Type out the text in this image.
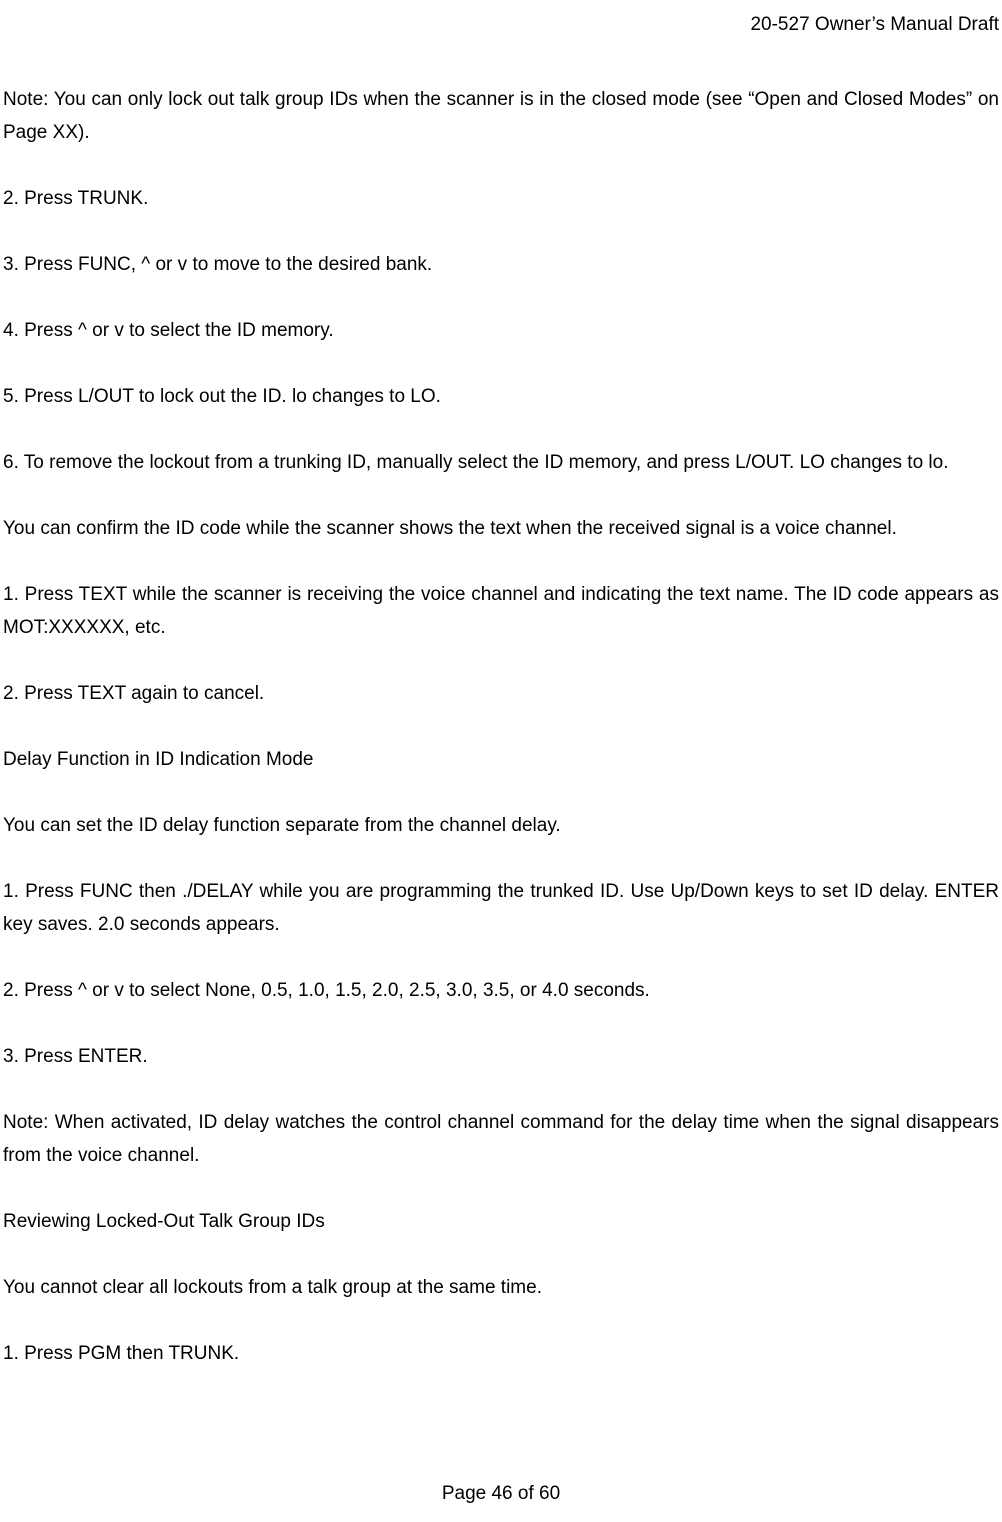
20-527 Owner’s Manual Draft

Note: You can only lock out talk group IDs when the scanner is in the closed mode (see “Open and Closed Modes” on Page XX).

2. Press TRUNK.

3. Press FUNC, ^ or v to move to the desired bank.

4. Press ^ or v to select the ID memory.

5. Press L/OUT to lock out the ID. lo changes to LO.

6. To remove the lockout from a trunking ID, manually select the ID memory, and press L/OUT. LO changes to lo.

You can confirm the ID code while the scanner shows the text when the received signal is a voice channel.

1. Press TEXT while the scanner is receiving the voice channel and indicating the text name. The ID code appears as MOT:XXXXXX, etc.

2. Press TEXT again to cancel.

Delay Function in ID Indication Mode

You can set the ID delay function separate from the channel delay.

1. Press FUNC then ./DELAY while you are programming the trunked ID. Use Up/Down keys to set ID delay. ENTER key saves. 2.0 seconds appears.

2. Press ^ or v to select None, 0.5, 1.0, 1.5, 2.0, 2.5, 3.0, 3.5, or 4.0 seconds.

3. Press ENTER.

Note: When activated, ID delay watches the control channel command for the delay time when the signal disappears from the voice channel.

Reviewing Locked-Out Talk Group IDs

You cannot clear all lockouts from a talk group at the same time.

1. Press PGM then TRUNK.

Page 46 of 60
